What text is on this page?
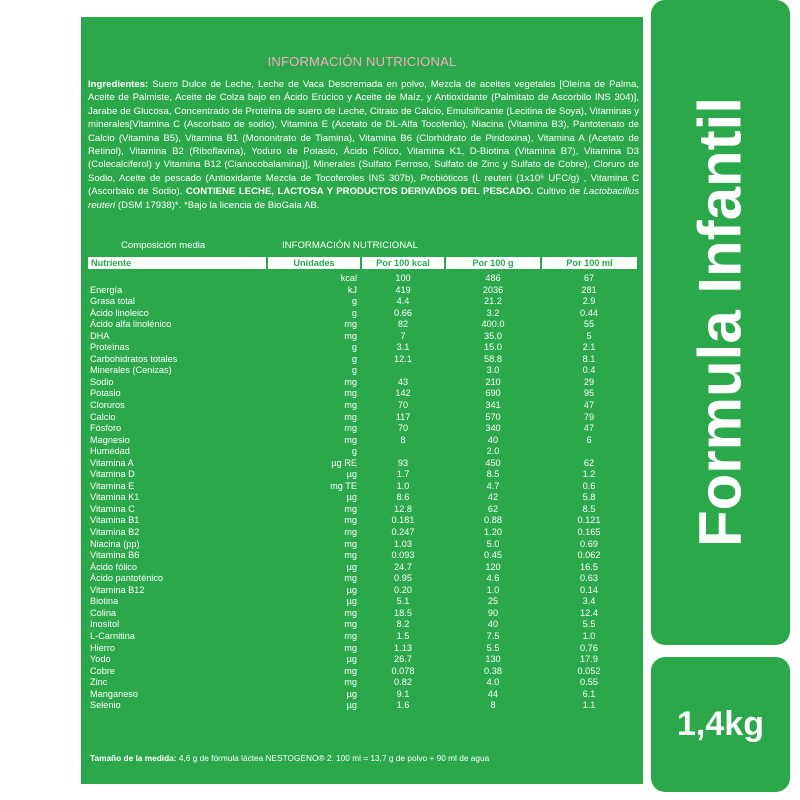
INFORMACIÓN NUTRICIONAL
Ingredientes: Suero Dulce de Leche, Leche de Vaca Descremada en polvo, Mezcla de aceites vegetales [Oleína de Palma, Aceite de Palmiste, Aceite de Colza bajo en Ácido Erúcico y Aceite de Maíz, y Antioxidante (Palmitato de Ascorbilo INS 304)], Jarabe de Glucosa, Concentrado de Proteína de suero de Leche, Citrato de Calcio, Emulsificante (Lecitina de Soya), Vitaminas y minerales[Vitamina C (Ascorbato de sodio), Vitamina E (Acetato de DL-Alfa Tocoferilo), Niacina (Vitamina B3), Pantotenato de Calcio (Vitamina B5), Vitamina B1 (Mononitrato de Tiamina), Vitamina B6 (Clorhidrato de Piridoxina), Vitamina A (Acetato de Retinol), Vitamina B2 (Riboflavina), Yoduro de Potasio, Ácido Fólico, Vitamina K1, D-Biotina (Vitamina B7), Vitamina D3 (Colecalciferol) y Vitamina B12 (Cianocobalamina)], Minerales (Sulfato Ferroso, Sulfato de Zinc y Sulfato de Cobre), Cloruro de Sodio, Aceite de pescado (Antioxidante Mezcla de Tocoferoles INS 307b), Probióticos (L reuteri (1x10⁶ UFC/g) , Vitamina C (Ascorbato de Sodio). CONTIENE LECHE, LACTOSA Y PRODUCTOS DERIVADOS DEL PESCADO. Cultivo de Lactobacillus reuteri (DSM 17938)*. *Bajo la licencia de BioGaia AB.
Composición media	INFORMACIÓN NUTRICIONAL
Nutriente	Unidades	Por 100 kcal	Por 100 g	Por 100 ml

Energía	kcal	100	486	67
	kJ	419	2036	281
Grasa total	g	4.4	21.2	2.9
Ácido linoleico	g	0.66	3.2	0.44
Ácido alfa linolénico	mg	82	400.0	55
DHA	mg	7	35.0	5
Proteínas	g	3.1	15.0	2.1
Carbohidratos totales	g	12.1	58.8	8.1
Minerales (Cenizas)	g		3.0	0.4
Sodio	mg	43	210	29
Potasio	mg	142	690	95
Cloruros	mg	70	341	47
Calcio	mg	117	570	79
Fósforo	mg	70	340	47
Magnesio	mg	8	40	6
Humedad	g		2.0	
Vitamina A	µg RE	93	450	62
Vitamina D	µg	1.7	8.5	1.2
Vitamina E	mg TE	1.0	4.7	0.6
Vitamina K1	µg	8.6	42	5.8
Vitamina C	mg	12.8	62	8.5
Vitamina B1	mg	0.181	0.88	0.121
Vitamina B2	mg	0.247	1.20	0.165
Niacina (pp)	mg	1.03	5.0	0.69
Vitamina B6	mg	0.093	0.45	0.062
Ácido fólico	µg	24.7	120	16.5
Ácido pantoténico	mg	0.95	4.6	0.63
Vitamina B12	µg	0.20	1.0	0.14
Biotina	µg	5.1	25	3.4
Colina	mg	18.5	90	12.4
Inositol	mg	8.2	40	5.5
L-Carnitina	mg	1.5	7.5	1.0
Hierro	mg	1.13	5.5	0.76
Yodo	µg	26.7	130	17.9
Cobre	mg	0.078	0.38	0.052
Zinc	mg	0.82	4.0	0.55
Manganeso	µg	9.1	44	6.1
Selenio	µg	1.6	8	1.1
Tamaño de la medida: 4,6 g de fórmula láctea NESTOGENO® 2. 100 ml = 13,7 g de polvo + 90 ml de agua
Formula Infantil
1,4kg
